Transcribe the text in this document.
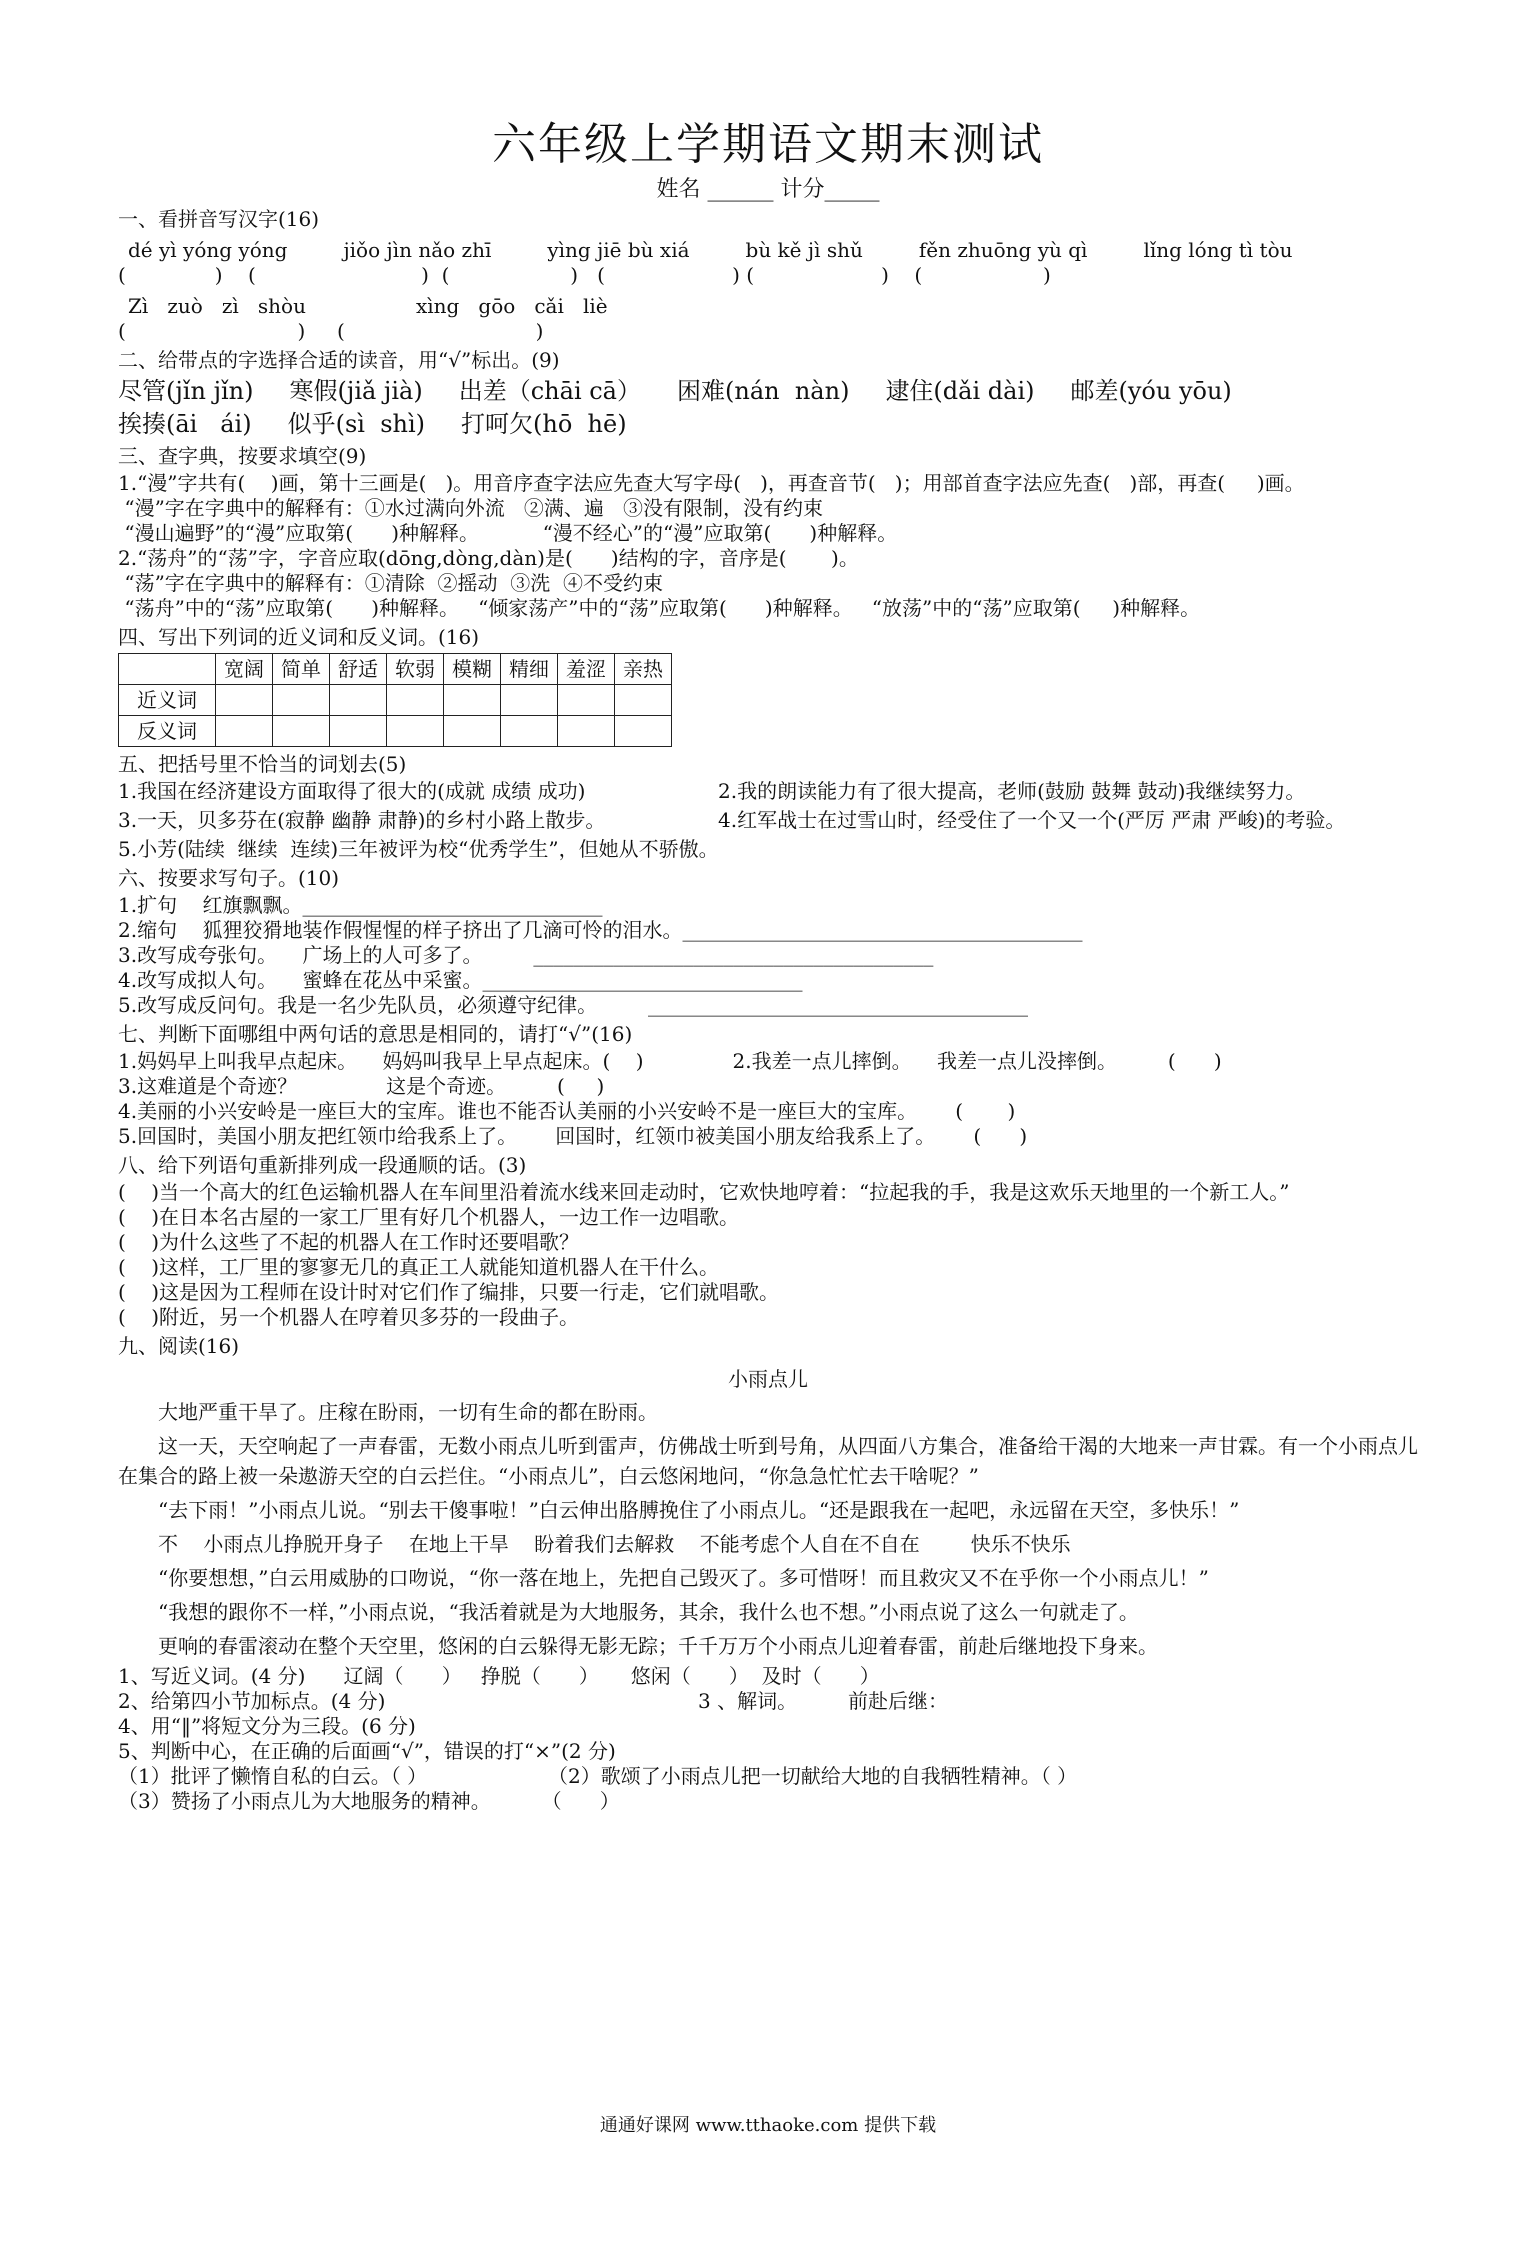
六年级上学期语文期末测试
姓名 ______ 计分_____
一、看拼音写汉字(16)
dé yì yóng yóng	jiǒo jìn nǎo zhī	yìng jiē bù xiá	bù kě jì shǔ	fěn zhuōng yù qì	lǐng lóng tì tòu
(              )    (                          )  (                   )   (                    ) (                    )    (                   )
Zì   zuò   zì   shòu	xìng   gōo   cǎi   liè
(                           )     (                              )
二、给带点的字选择合适的读音，用“√”标出。(9)
尽管(jǐn jǐn) 寒假(jiǎ jià) 出差（chāi cā） 困难(nán  nàn) 逮住(dǎi dài) 邮差(yóu yōu)
挨揍(āi   ái) 似乎(sì  shì) 打呵欠(hō  hē)
三、查字典，按要求填空(9)
1.“漫”字共有(    )画，第十三画是(   )。用音序查字法应先查大写字母(   )，再查音节(   )；用部首查字法应先查(   )部，再查(     )画。
“漫”字在字典中的解释有：①水过满向外流   ②满、遍   ③没有限制，没有约束
“漫山遍野”的“漫”应取第(      )种解释。          “漫不经心”的“漫”应取第(      )种解释。
2.“荡舟”的“荡”字，字音应取(dōng,dòng,dàn)是(      )结构的字，音序是(       )。
“荡”字在字典中的解释有：①清除  ②摇动  ③洗  ④不受约束
“荡舟”中的“荡”应取第(      )种解释。   “倾家荡产”中的“荡”应取第(      )种解释。   “放荡”中的“荡”应取第(     )种解释。
四、写出下列词的近义词和反义词。(16)
	宽阔	简单	舒适	软弱	模糊	精细	羞涩	亲热
近义词								
反义词								
五、把括号里不恰当的词划去(5)
1.我国在经济建设方面取得了很大的(成就 成绩 成功)	2.我的朗读能力有了很大提高，老师(鼓励 鼓舞 鼓动)我继续努力。
3.一天，贝多芬在(寂静 幽静 肃静)的乡村小路上散步。	4.红军战士在过雪山时，经受住了一个又一个(严厉 严肃 严峻)的考验。
5.小芳(陆续  继续  连续)三年被评为校“优秀学生”，但她从不骄傲。
六、按要求写句子。(10)
1.扩句    红旗飘飘。______________________________
2.缩句    狐狸狡猾地装作假惺惺的样子挤出了几滴可怜的泪水。________________________________________
3.改写成夸张句。    广场上的人可多了。        ________________________________________
4.改写成拟人句。    蜜蜂在花丛中采蜜。________________________________
5.改写成反问句。我是一名少先队员，必须遵守纪律。        ______________________________________
七、判断下面哪组中两句话的意思是相同的，请打“√”(16)
1.妈妈早上叫我早点起床。    妈妈叫我早上早点起床。(    )              2.我差一点儿摔倒。    我差一点儿没摔倒。        (      )
3.这难道是个奇迹？              这是个奇迹。        (     )
4.美丽的小兴安岭是一座巨大的宝库。谁也不能否认美丽的小兴安岭不是一座巨大的宝库。      (       )
5.回国时，美国小朋友把红领巾给我系上了。      回国时，红领巾被美国小朋友给我系上了。      (      )
八、给下列语句重新排列成一段通顺的话。(3)
(    )当一个高大的红色运输机器人在车间里沿着流水线来回走动时，它欢快地哼着：“拉起我的手，我是这欢乐天地里的一个新工人。”
(    )在日本名古屋的一家工厂里有好几个机器人，一边工作一边唱歌。
(    )为什么这些了不起的机器人在工作时还要唱歌？
(    )这样，工厂里的寥寥无几的真正工人就能知道机器人在干什么。
(    )这是因为工程师在设计时对它们作了编排，只要一行走，它们就唱歌。
(    )附近，另一个机器人在哼着贝多芬的一段曲子。
九、阅读(16)
小雨点儿
大地严重干旱了。庄稼在盼雨，一切有生命的都在盼雨。
这一天，天空响起了一声春雷，无数小雨点儿听到雷声，仿佛战士听到号角，从四面八方集合，准备给干渴的大地来一声甘霖。有一个小雨点儿在集合的路上被一朵遨游天空的白云拦住。“小雨点儿”，白云悠闲地问，“你急急忙忙去干啥呢？”
“去下雨！”小雨点儿说。“别去干傻事啦！”白云伸出胳膊挽住了小雨点儿。“还是跟我在一起吧，永远留在天空，多快乐！”
不    小雨点儿挣脱开身子    在地上干旱    盼着我们去解救    不能考虑个人自在不自在        快乐不快乐
“你要想想，”白云用威胁的口吻说，“你一落在地上，先把自己毁灭了。多可惜呀！而且救灾又不在乎你一个小雨点儿！”
“我想的跟你不一样，”小雨点说，“我活着就是为大地服务，其余，我什么也不想。”小雨点说了这么一句就走了。
更响的春雷滚动在整个天空里，悠闲的白云躲得无影无踪；千千万万个小雨点儿迎着春雷，前赴后继地投下身来。
1、写近义词。(4 分)      辽阔（      ）   挣脱（      ）     悠闲（      ）  及时（      ）
2、给第四小节加标点。(4 分)	3 、解词。        前赴后继：
4、用“‖”将短文分为三段。(6 分)
5、判断中心，在正确的后面画“√”，错误的打“×”(2 分)
（1）批评了懒惰自私的白云。（ ）	（2）歌颂了小雨点儿把一切献给大地的自我牺牲精神。（ ）
（3）赞扬了小雨点儿为大地服务的精神。        （      ）
通通好课网 www.tthaoke.com 提供下载
